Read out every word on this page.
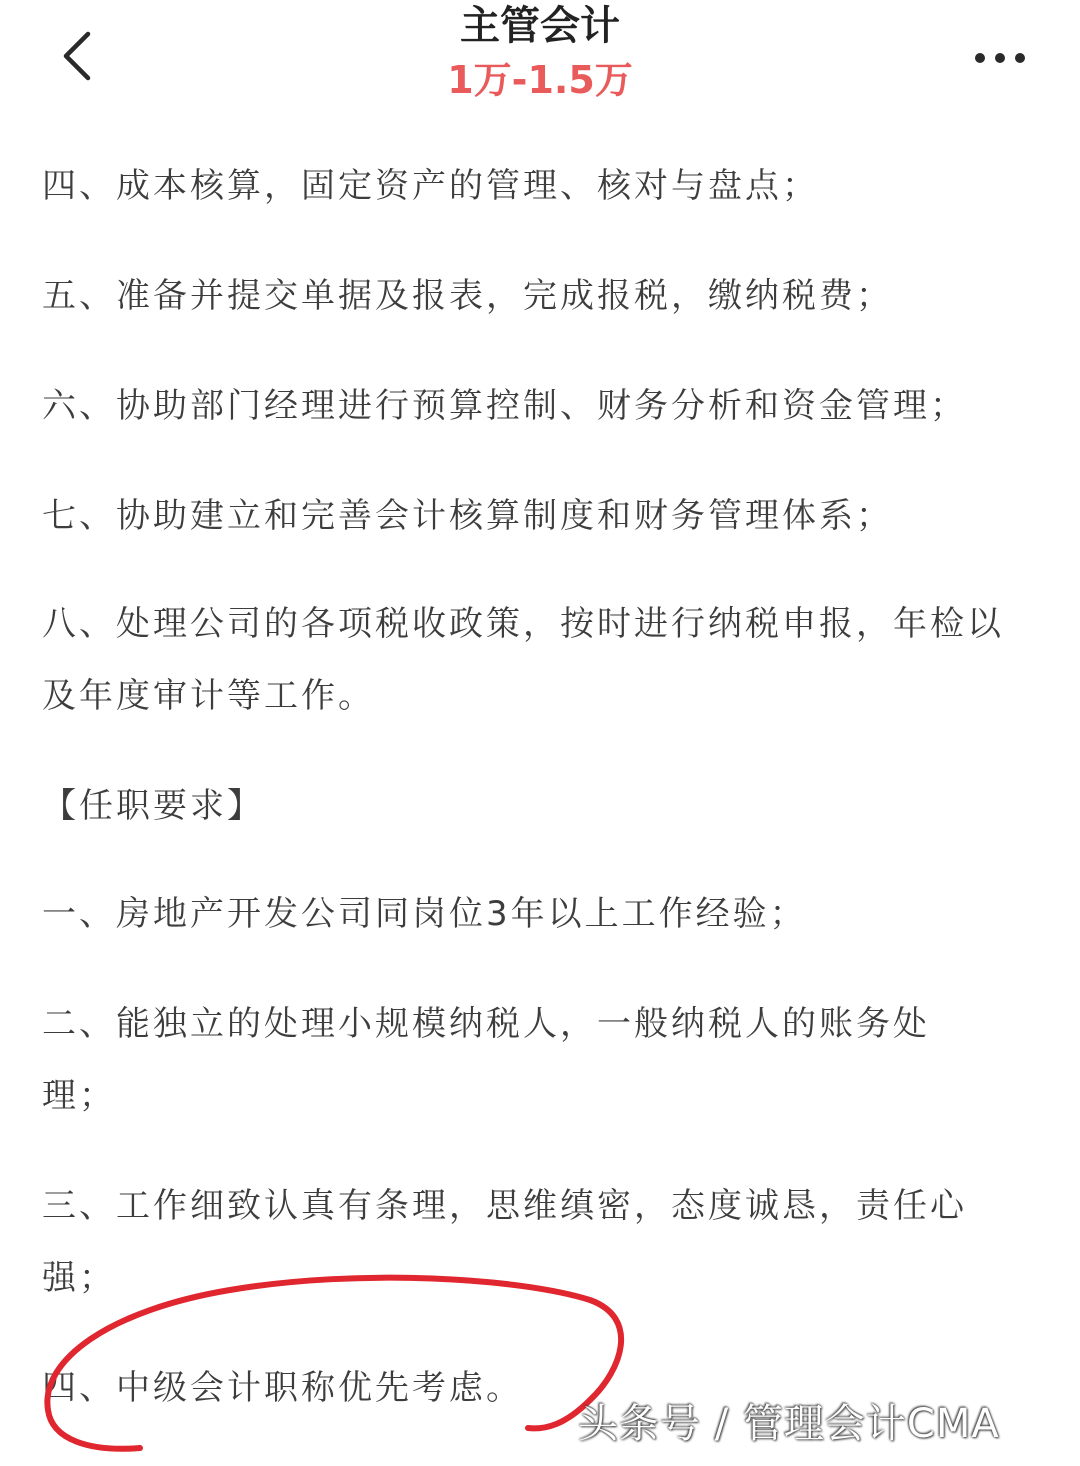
主管会计
1万-1.5万

四、成本核算，固定资产的管理、核对与盘点；

五、准备并提交单据及报表，完成报税，缴纳税费；

六、协助部门经理进行预算控制、财务分析和资金管理；

七、协助建立和完善会计核算制度和财务管理体系；

八、处理公司的各项税收政策，按时进行纳税申报，年检以及年度审计等工作。

【任职要求】

一、房地产开发公司同岗位3年以上工作经验；

二、能独立的处理小规模纳税人，一般纳税人的账务处理；

三、工作细致认真有条理，思维缜密，态度诚恳，责任心强；

四、中级会计职称优先考虑。

头条号 / 管理会计CMA
